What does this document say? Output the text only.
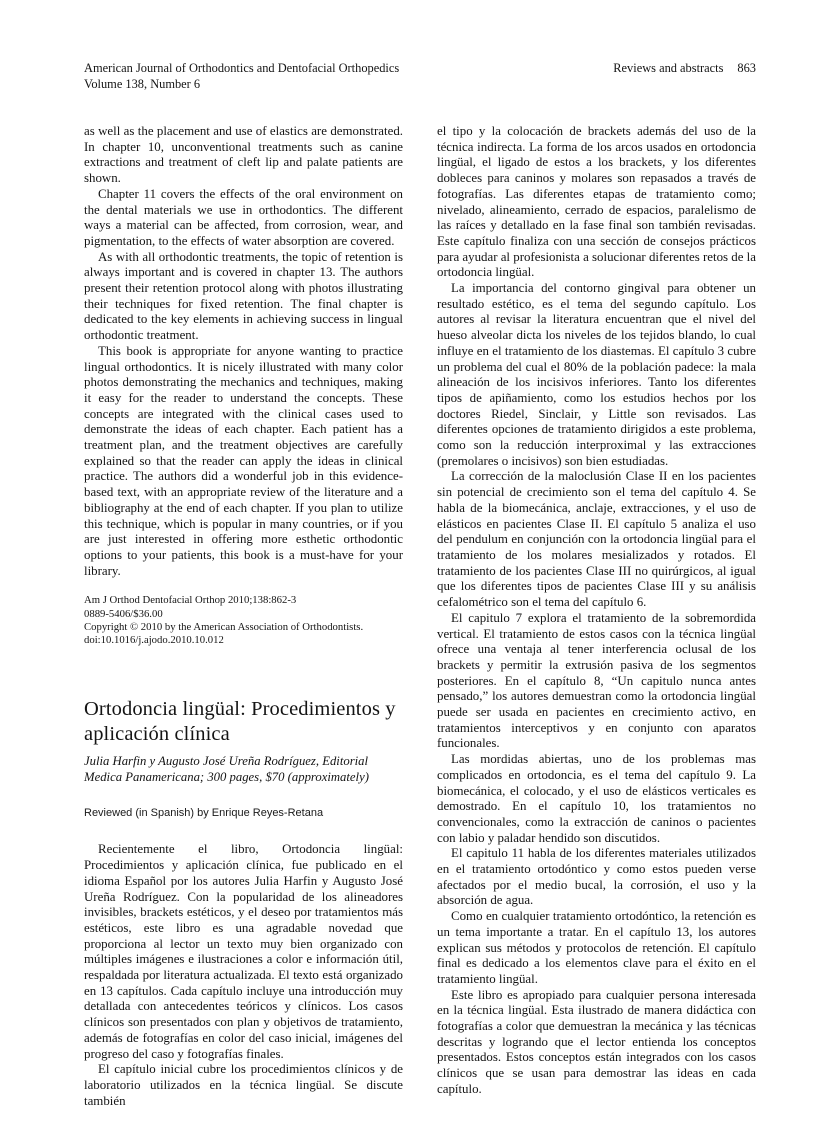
American Journal of Orthodontics and Dentofacial Orthopedics
Volume 138, Number 6
Reviews and abstracts 863

as well as the placement and use of elastics are demonstrated. In chapter 10, unconventional treatments such as canine extractions and treatment of cleft lip and palate patients are shown.

Chapter 11 covers the effects of the oral environment on the dental materials we use in orthodontics. The different ways a material can be affected, from corrosion, wear, and pigmentation, to the effects of water absorption are covered.

As with all orthodontic treatments, the topic of retention is always important and is covered in chapter 13. The authors present their retention protocol along with photos illustrating their techniques for fixed retention. The final chapter is dedicated to the key elements in achieving success in lingual orthodontic treatment.

This book is appropriate for anyone wanting to practice lingual orthodontics. It is nicely illustrated with many color photos demonstrating the mechanics and techniques, making it easy for the reader to understand the concepts. These concepts are integrated with the clinical cases used to demonstrate the ideas of each chapter. Each patient has a treatment plan, and the treatment objectives are carefully explained so that the reader can apply the ideas in clinical practice. The authors did a wonderful job in this evidence-based text, with an appropriate review of the literature and a bibliography at the end of each chapter. If you plan to utilize this technique, which is popular in many countries, or if you are just interested in offering more esthetic orthodontic options to your patients, this book is a must-have for your library.

Am J Orthod Dentofacial Orthop 2010;138:862-3
0889-5406/$36.00
Copyright © 2010 by the American Association of Orthodontists.
doi:10.1016/j.ajodo.2010.10.012
Ortodoncia lingüal: Procedimientos y aplicación clínica
Julia Harfin y Augusto José Ureña Rodríguez, Editorial Medica Panamericana; 300 pages, $70 (approximately)
Reviewed (in Spanish) by Enrique Reyes-Retana

Recientemente el libro, Ortodoncia lingüal: Procedimientos y aplicación clínica, fue publicado en el idioma Español por los autores Julia Harfin y Augusto José Ureña Rodríguez. Con la popularidad de los alineadores invisibles, brackets estéticos, y el deseo por tratamientos más estéticos, este libro es una agradable novedad que proporciona al lector un texto muy bien organizado con múltiples imágenes e ilustraciones a color e información útil, respaldada por literatura actualizada. El texto está organizado en 13 capítulos. Cada capítulo incluye una introducción muy detallada con antecedentes teóricos y clínicos. Los casos clínicos son presentados con plan y objetivos de tratamiento, además de fotografías en color del caso inicial, imágenes del progreso del caso y fotografías finales.

El capítulo inicial cubre los procedimientos clínicos y de laboratorio utilizados en la técnica lingüal. Se discute también

el tipo y la colocación de brackets además del uso de la técnica indirecta. La forma de los arcos usados en ortodoncia lingüal, el ligado de estos a los brackets, y los diferentes dobleces para caninos y molares son repasados a través de fotografías. Las diferentes etapas de tratamiento como; nivelado, alineamiento, cerrado de espacios, paralelismo de las raíces y detallado en la fase final son también revisadas. Este capítulo finaliza con una sección de consejos prácticos para ayudar al profesionista a solucionar diferentes retos de la ortodoncia lingüal.

La importancia del contorno gingival para obtener un resultado estético, es el tema del segundo capítulo. Los autores al revisar la literatura encuentran que el nivel del hueso alveolar dicta los niveles de los tejidos blando, lo cual influye en el tratamiento de los diastemas. El capítulo 3 cubre un problema del cual el 80% de la población padece: la mala alineación de los incisivos inferiores. Tanto los diferentes tipos de apiñamiento, como los estudios hechos por los doctores Riedel, Sinclair, y Little son revisados. Las diferentes opciones de tratamiento dirigidos a este problema, como son la reducción interproximal y las extracciones (premolares o incisivos) son bien estudiadas.

La corrección de la maloclusión Clase II en los pacientes sin potencial de crecimiento son el tema del capítulo 4. Se habla de la biomecánica, anclaje, extracciones, y el uso de elásticos en pacientes Clase II. El capítulo 5 analiza el uso del pendulum en conjunción con la ortodoncia lingüal para el tratamiento de los molares mesializados y rotados. El tratamiento de los pacientes Clase III no quirúrgicos, al igual que los diferentes tipos de pacientes Clase III y su análisis cefalométrico son el tema del capítulo 6.

El capitulo 7 explora el tratamiento de la sobremordida vertical. El tratamiento de estos casos con la técnica lingüal ofrece una ventaja al tener interferencia oclusal de los brackets y permitir la extrusión pasiva de los segmentos posteriores. En el capítulo 8, “Un capitulo nunca antes pensado,” los autores demuestran como la ortodoncia lingüal puede ser usada en pacientes en crecimiento activo, en tratamientos interceptivos y en conjunto con aparatos funcionales.

Las mordidas abiertas, uno de los problemas mas complicados en ortodoncia, es el tema del capítulo 9. La biomecánica, el colocado, y el uso de elásticos verticales es demostrado. En el capítulo 10, los tratamientos no convencionales, como la extracción de caninos o pacientes con labio y paladar hendido son discutidos.

El capitulo 11 habla de los diferentes materiales utilizados en el tratamiento ortodóntico y como estos pueden verse afectados por el medio bucal, la corrosión, el uso y la absorción de agua.

Como en cualquier tratamiento ortodóntico, la retención es un tema importante a tratar. En el capítulo 13, los autores explican sus métodos y protocolos de retención. El capítulo final es dedicado a los elementos clave para el éxito en el tratamiento lingüal.

Este libro es apropiado para cualquier persona interesada en la técnica lingüal. Esta ilustrado de manera didáctica con fotografías a color que demuestran la mecánica y las técnicas descritas y logrando que el lector entienda los conceptos presentados. Estos conceptos están integrados con los casos clínicos que se usan para demostrar las ideas en cada capítulo.
